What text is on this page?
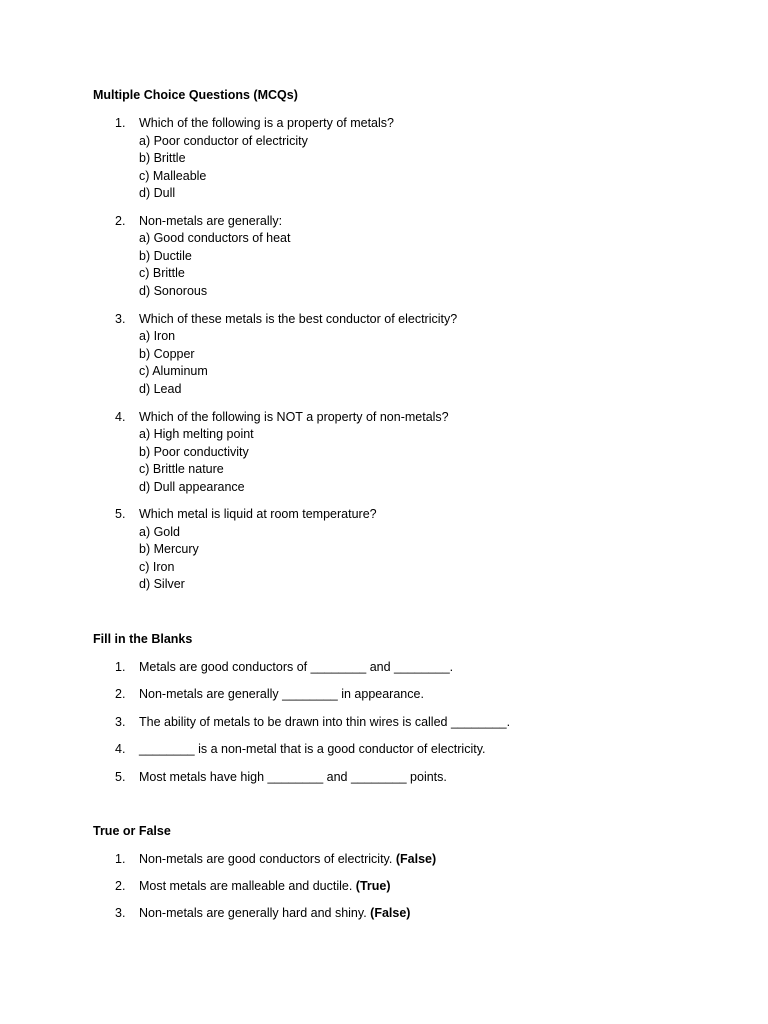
Multiple Choice Questions (MCQs)
1. Which of the following is a property of metals?
a) Poor conductor of electricity
b) Brittle
c) Malleable
d) Dull
2. Non-metals are generally:
a) Good conductors of heat
b) Ductile
c) Brittle
d) Sonorous
3. Which of these metals is the best conductor of electricity?
a) Iron
b) Copper
c) Aluminum
d) Lead
4. Which of the following is NOT a property of non-metals?
a) High melting point
b) Poor conductivity
c) Brittle nature
d) Dull appearance
5. Which metal is liquid at room temperature?
a) Gold
b) Mercury
c) Iron
d) Silver
Fill in the Blanks
1. Metals are good conductors of ________ and ________.
2. Non-metals are generally ________ in appearance.
3. The ability of metals to be drawn into thin wires is called ________.
4. ________ is a non-metal that is a good conductor of electricity.
5. Most metals have high ________ and ________ points.
True or False
1. Non-metals are good conductors of electricity. (False)
2. Most metals are malleable and ductile. (True)
3. Non-metals are generally hard and shiny. (False)
